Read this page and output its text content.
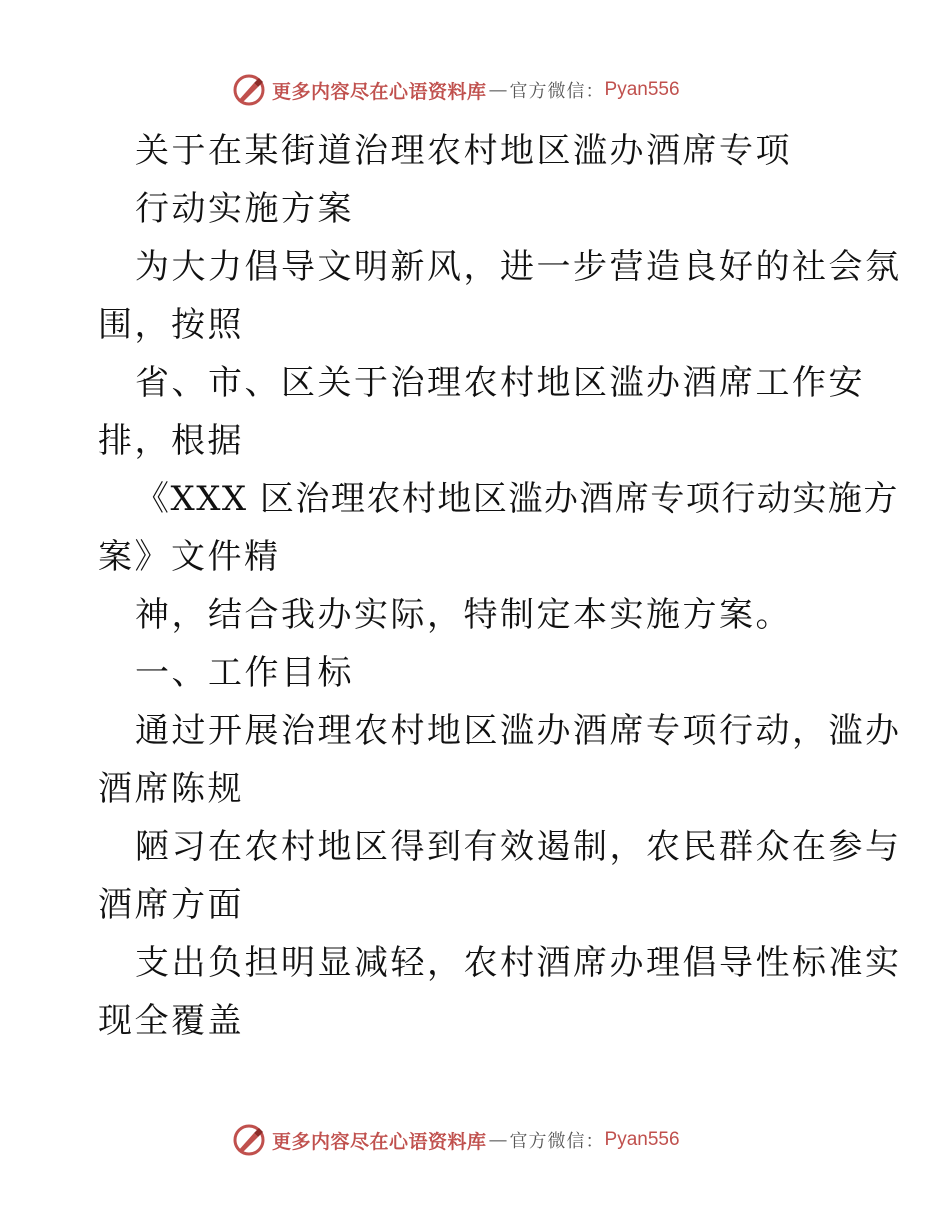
更多内容尽在心语资料库 — 官方微信： Pyan556
关于在某街道治理农村地区滥办酒席专项
行动实施方案
为大力倡导文明新风，进一步营造良好的社会氛
围，按照
省、市、区关于治理农村地区滥办酒席工作安
排，根据
《XXX 区治理农村地区滥办酒席专项行动实施方
案》文件精
神，结合我办实际，特制定本实施方案。
一、工作目标
通过开展治理农村地区滥办酒席专项行动，滥办
酒席陈规
陋习在农村地区得到有效遏制，农民群众在参与
酒席方面
支出负担明显减轻，农村酒席办理倡导性标准实
现全覆盖
更多内容尽在心语资料库 — 官方微信： Pyan556
